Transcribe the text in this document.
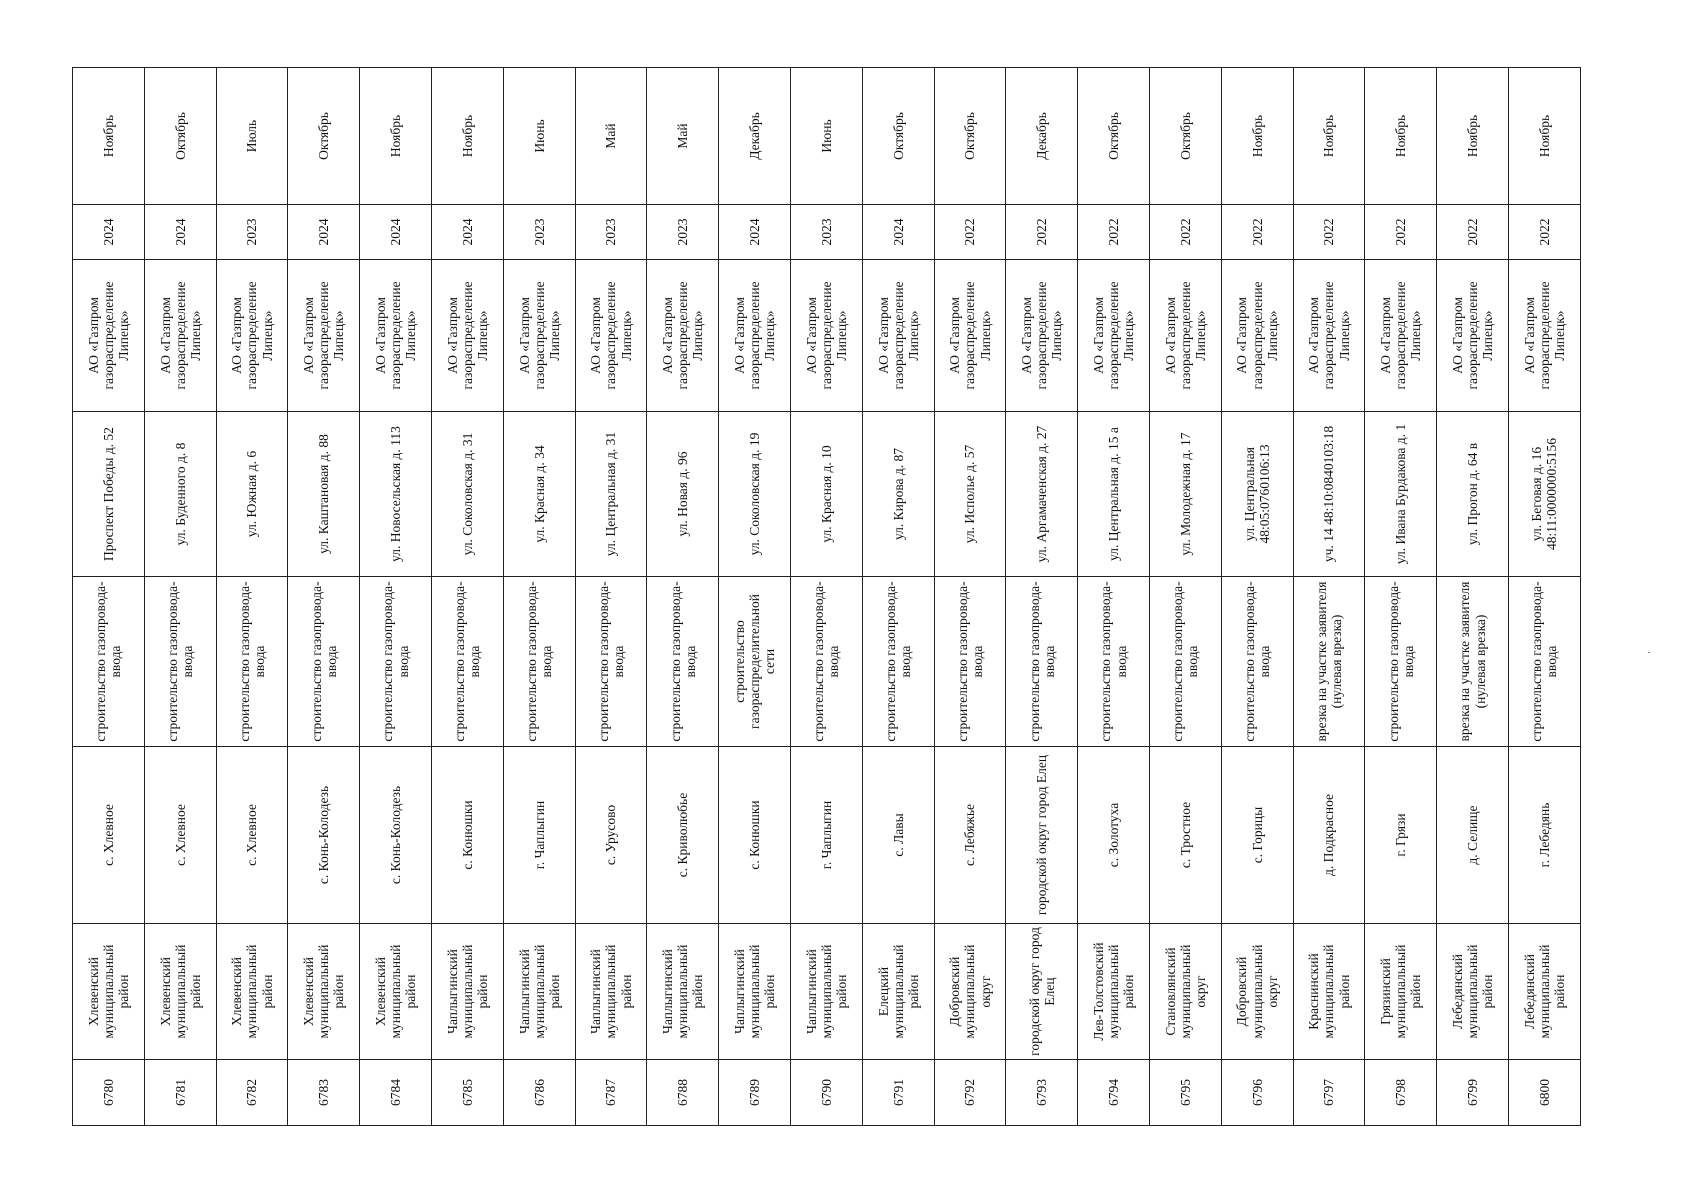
6780	Хлевенский муниципальный район	с. Хлевное	строительство газопровода-ввода	Проспект Победы д. 52	АО «Газпром газораспределение Липецк»	2024	Ноябрь
6781	Хлевенский муниципальный район	с. Хлевное	строительство газопровода-ввода	ул. Буденного д. 8	АО «Газпром газораспределение Липецк»	2024	Октябрь
6782	Хлевенский муниципальный район	с. Хлевное	строительство газопровода-ввода	ул. Южная д. 6	АО «Газпром газораспределение Липецк»	2023	Июль
6783	Хлевенский муниципальный район	с. Конь-Колодезь	строительство газопровода-ввода	ул. Каштановая д. 88	АО «Газпром газораспределение Липецк»	2024	Октябрь
6784	Хлевенский муниципальный район	с. Конь-Колодезь	строительство газопровода-ввода	ул. Новосельская д. 113	АО «Газпром газораспределение Липецк»	2024	Ноябрь
6785	Чаплыгинский муниципальный район	с. Конюшки	строительство газопровода-ввода	ул. Соколовская д. 31	АО «Газпром газораспределение Липецк»	2024	Ноябрь
6786	Чаплыгинский муниципальный район	г. Чаплыгин	строительство газопровода-ввода	ул. Красная д. 34	АО «Газпром газораспределение Липецк»	2023	Июнь
6787	Чаплыгинский муниципальный район	с. Урусово	строительство газопровода-ввода	ул. Центральная д. 31	АО «Газпром газораспределение Липецк»	2023	Май
6788	Чаплыгинский муниципальный район	с. Криволюбье	строительство газопровода-ввода	ул. Новая д. 96	АО «Газпром газораспределение Липецк»	2023	Май
6789	Чаплыгинский муниципальный район	с. Конюшки	строительство газораспределительной сети	ул. Соколовская д. 19	АО «Газпром газораспределение Липецк»	2024	Декабрь
6790	Чаплыгинский муниципальный район	г. Чаплыгин	строительство газопровода-ввода	ул. Красная д. 10	АО «Газпром газораспределение Липецк»	2023	Июнь
6791	Елецкий муниципальный район	с. Лавы	строительство газопровода-ввода	ул. Кирова д. 87	АО «Газпром газораспределение Липецк»	2024	Октябрь
6792	Добровский муниципальный округ	с. Лебяжье	строительство газопровода-ввода	ул. Исполье д. 57	АО «Газпром газораспределение Липецк»	2022	Октябрь
6793	городской округ город Елец	городской округ город Елец	строительство газопровода-ввода	ул. Аргамаченская д. 27	АО «Газпром газораспределение Липецк»	2022	Декабрь
6794	Лев-Толстовский муниципальный район	с. Золотуха	строительство газопровода-ввода	ул. Центральная д. 15 а	АО «Газпром газораспределение Липецк»	2022	Октябрь
6795	Становлянский муниципальный округ	с. Тростное	строительство газопровода-ввода	ул. Молодежная д. 17	АО «Газпром газораспределение Липецк»	2022	Октябрь
6796	Добровский муниципальный округ	с. Горицы	строительство газопровода-ввода	ул. Центральная 48:05:0760106:13	АО «Газпром газораспределение Липецк»	2022	Ноябрь
6797	Краснинский муниципальный район	д. Подкрасное	врезка на участке заявителя (нулевая врезка)	уч. 14 48:10:0840103:18	АО «Газпром газораспределение Липецк»	2022	Ноябрь
6798	Грязинский муниципальный район	г. Грязи	строительство газопровода-ввода	ул. Ивана Бурдакова д. 1	АО «Газпром газораспределение Липецк»	2022	Ноябрь
6799	Лебедянский муниципальный район	д. Селище	врезка на участке заявителя (нулевая врезка)	ул. Прогон д. 64 в	АО «Газпром газораспределение Липецк»	2022	Ноябрь
6800	Лебедянский муниципальный район	г. Лебедянь	строительство газопровода-ввода	ул. Беговая д. 16 48:11:0000000:5156	АО «Газпром газораспределение Липецк»	2022	Ноябрь
